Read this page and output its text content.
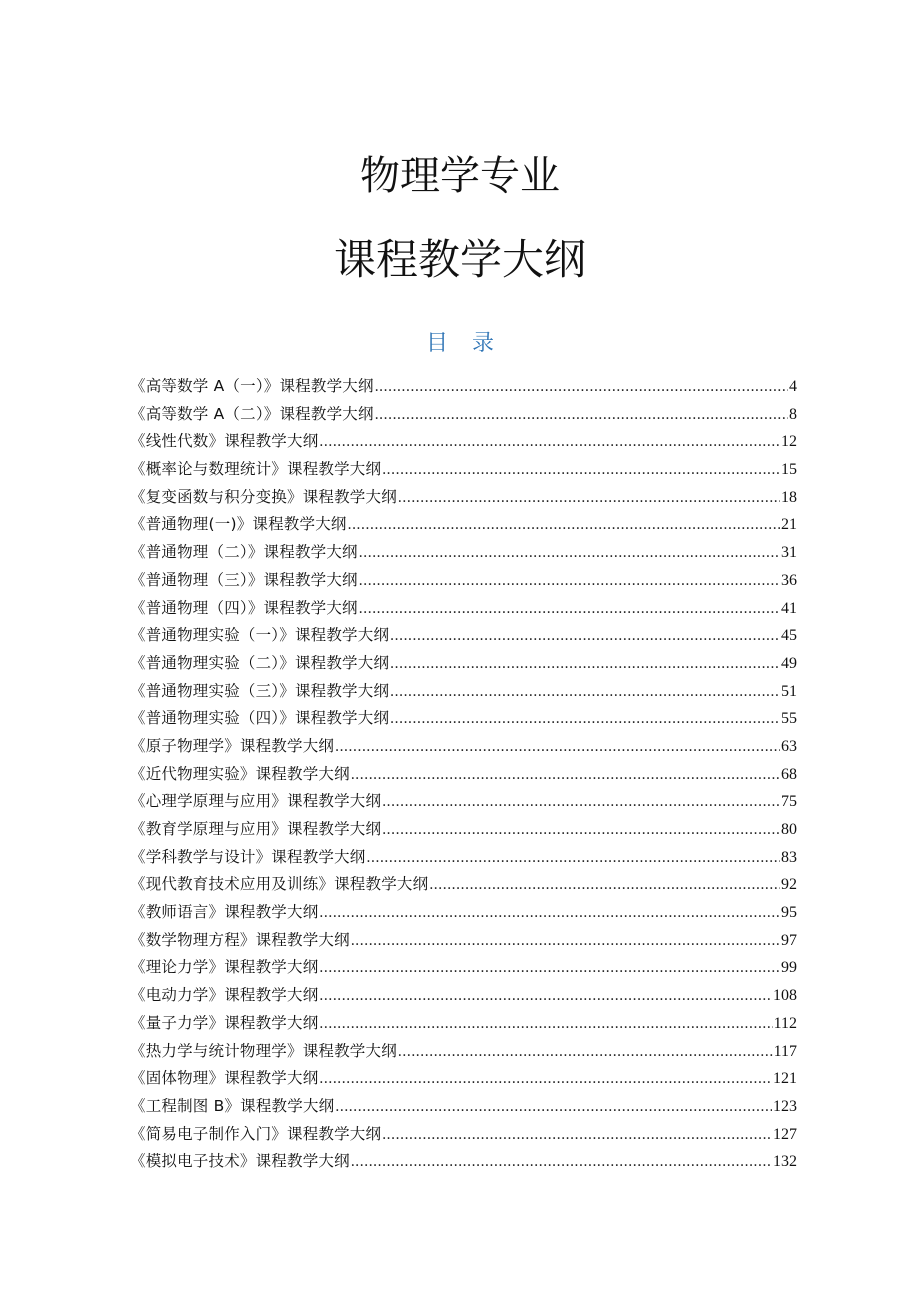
物理学专业
课程教学大纲
目录
《高等数学 A（一）》课程教学大纲 .....	4
《高等数学 A（二）》课程教学大纲 .....	8
《线性代数》课程教学大纲 .....	12
《概率论与数理统计》课程教学大纲 .....	15
《复变函数与积分变换》课程教学大纲 .....	18
《普通物理(一)》课程教学大纲 .....	21
《普通物理（二）》课程教学大纲 .....	31
《普通物理（三）》课程教学大纲 .....	36
《普通物理（四）》课程教学大纲 .....	41
《普通物理实验（一）》课程教学大纲 .....	45
《普通物理实验（二）》课程教学大纲 .....	49
《普通物理实验（三）》课程教学大纲 .....	51
《普通物理实验（四）》课程教学大纲 .....	55
《原子物理学》课程教学大纲 .....	63
《近代物理实验》课程教学大纲 .....	68
《心理学原理与应用》课程教学大纲 .....	75
《教育学原理与应用》课程教学大纲 .....	80
《学科教学与设计》课程教学大纲 .....	83
《现代教育技术应用及训练》课程教学大纲 .....	92
《教师语言》课程教学大纲 .....	95
《数学物理方程》课程教学大纲 .....	97
《理论力学》课程教学大纲 .....	99
《电动力学》课程教学大纲 .....	108
《量子力学》课程教学大纲 .....	112
《热力学与统计物理学》课程教学大纲 .....	117
《固体物理》课程教学大纲 .....	121
《工程制图 B》课程教学大纲 .....	123
《简易电子制作入门》课程教学大纲 .....	127
《模拟电子技术》课程教学大纲 .....	132
